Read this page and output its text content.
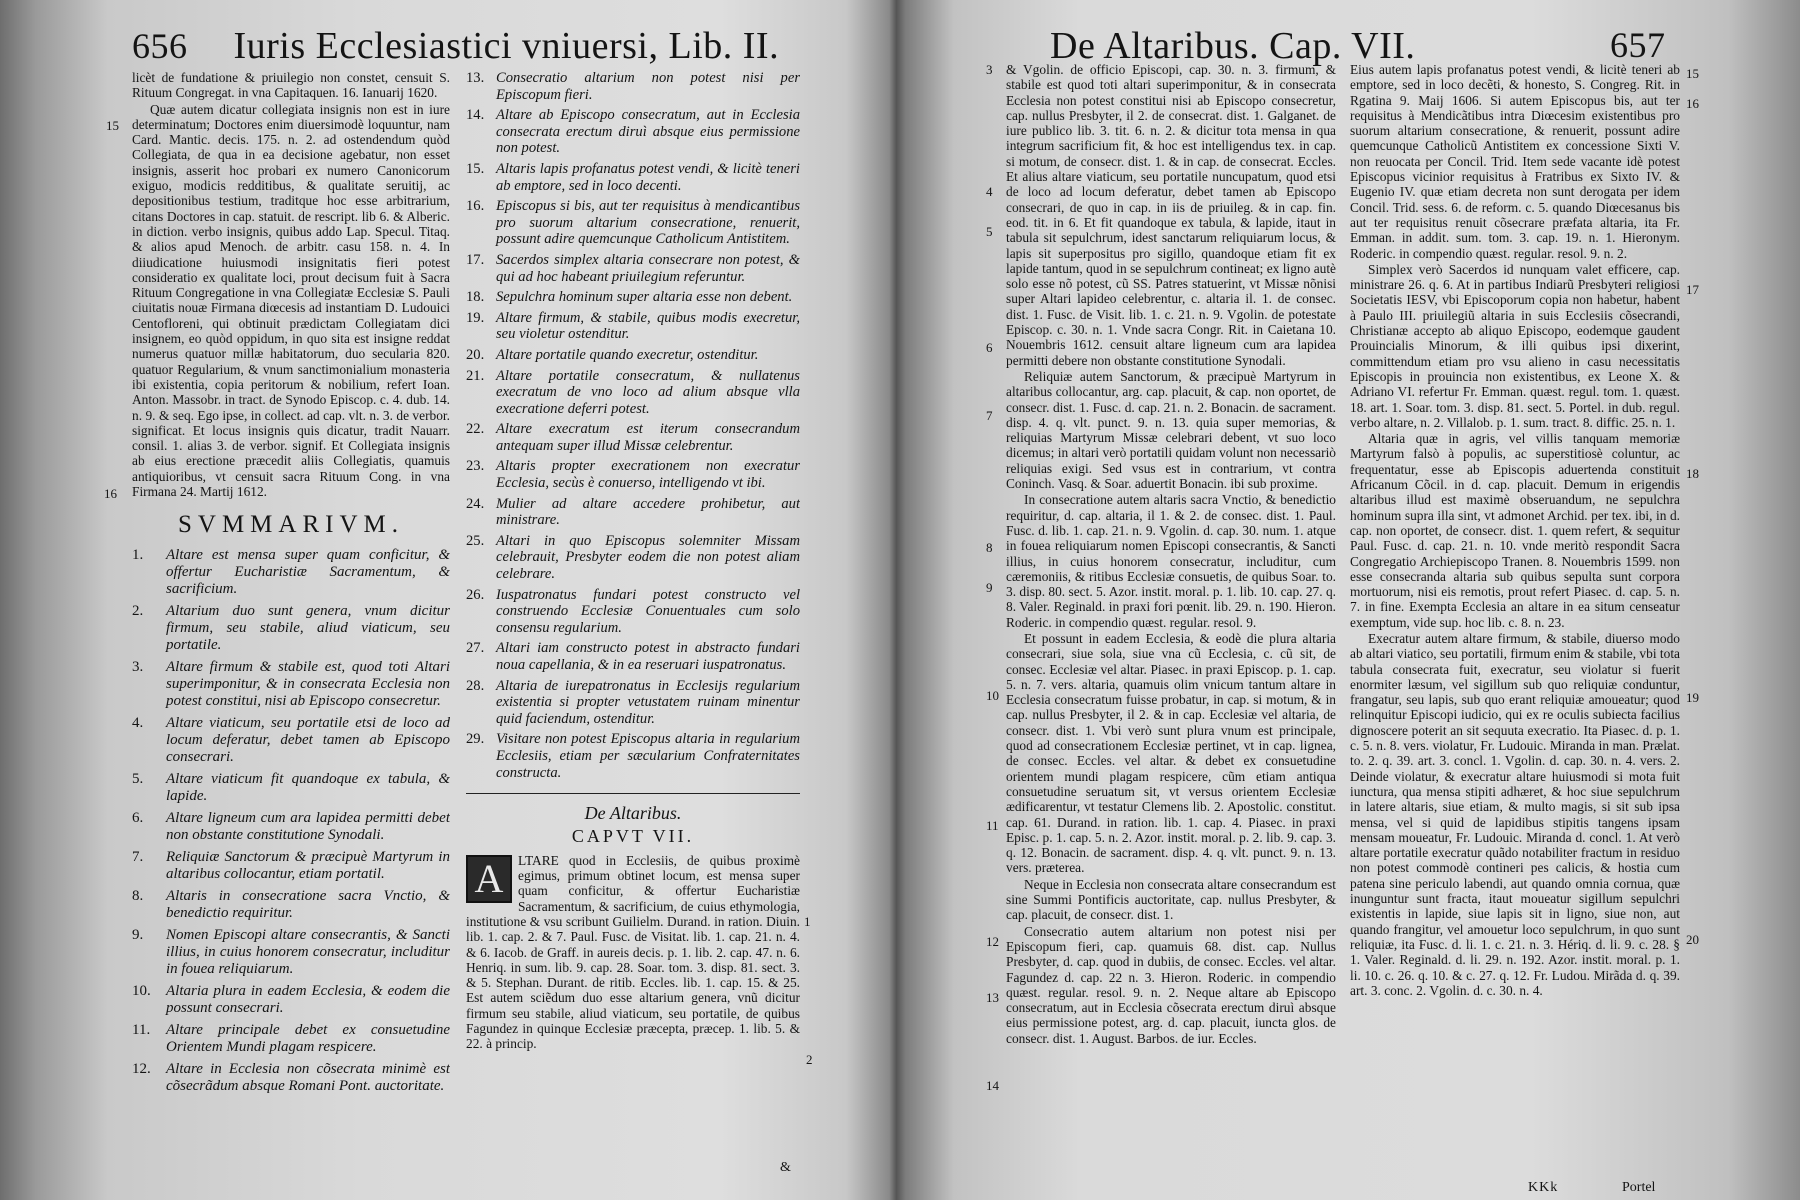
656 Iuris Ecclesiastici vniuersi, Lib. II.

licèt de fundatione & priuilegio non constet, censuit S. Rituum Congregat. in vna Capitaquen. 16. Ianuarij 1620.

Quæ autem dicatur collegiata insignis non est in iure determinatum; Doctores enim diuersimodè loquuntur, nam Card. Mantic. decis. 175. n. 2. ad ostendendum quòd Collegiata, de qua in ea decisione agebatur, non esset insignis, asserit hoc probari ex numero Canonicorum exiguo, modicis redditibus, & qualitate seruitij, ac depositionibus testium, traditque hoc esse arbitrarium, citans Doctores in cap. statuit. de rescript. lib 6. & Alberic. in diction. verbo insignis, quibus addo Lap. Specul. Titaq. & alios apud Menoch. de arbitr. casu 158. n. 4. In diiudicatione huiusmodi insignitatis fieri potest consideratio ex qualitate loci, prout decisum fuit à Sacra Rituum Congregatione in vna Collegiatæ Ecclesiæ S. Pauli ciuitatis nouæ Firmana diœcesis ad instantiam D. Ludouici Centofloreni, qui obtinuit prædictam Collegiatam dici insignem, eo quòd oppidum, in quo sita est insigne reddat numerus quatuor millæ habitatorum, duo secularia 820. quatuor Regularium, & vnum sanctimonialium monasteria ibi existentia, copia peritorum & nobilium, refert Ioan. Anton. Massobr. in tract. de Synodo Episcop. c. 4. dub. 14. n. 9. & seq. Ego ipse, in collect. ad cap. vlt. n. 3. de verbor. significat. Et locus insignis quis dicatur, tradit Nauarr. consil. 1. alias 3. de verbor. signif. Et Collegiata insignis ab eius erectione præcedit aliis Collegiatis, quamuis antiquioribus, vt censuit sacra Rituum Cong. in vna Firmana 24. Martij 1612.

SVMMARIVM.
1. Altare est mensa super quam conficitur, & offertur Eucharistiæ Sacramentum, & sacrificium.
2. Altarium duo sunt genera, vnum dicitur firmum, seu stabile, aliud viaticum, seu portatile.
3. Altare firmum & stabile est, quod toti Altari superimponitur, & in consecrata Ecclesia non potest constitui, nisi ab Episcopo consecretur.
4. Altare viaticum, seu portatile etsi de loco ad locum deferatur, debet tamen ab Episcopo consecrari.
5. Altare viaticum fit quandoque ex tabula, & lapide.
6. Altare ligneum cum ara lapidea permitti debet non obstante constitutione Synodali.
7. Reliquiæ Sanctorum & præcipuè Martyrum in altaribus collocantur, etiam portatil.
8. Altaris in consecratione sacra Vnctio, & benedictio requiritur.
9. Nomen Episcopi altare consecrantis, & Sancti illius, in cuius honorem consecratur, includitur in fouea reliquiarum.
10. Altaria plura in eadem Ecclesia, & eodem die possunt consecrari.
11. Altare principale debet ex consuetudine Orientem Mundi plagam respicere.
12. Altare in Ecclesia non cõsecrata minimè est cõsecrãdum absque Romani Pont. auctoritate.
15
16
13. Consecratio altarium non potest nisi per Episcopum fieri.
14. Altare ab Episcopo consecratum, aut in Ecclesia consecrata erectum diruì absque eius permissione non potest.
15. Altaris lapis profanatus potest vendi, & licitè teneri ab emptore, sed in loco decenti.
16. Episcopus si bis, aut ter requisitus à mendicantibus pro suorum altarium consecratione, renuerit, possunt adire quemcunque Catholicum Antistitem.
17. Sacerdos simplex altaria consecrare non potest, & qui ad hoc habeant priuilegium referuntur.
18. Sepulchra hominum super altaria esse non debent.
19. Altare firmum, & stabile, quibus modis execretur, seu violetur ostenditur.
20. Altare portatile quando execretur, ostenditur.
21. Altare portatile consecratum, & nullatenus execratum de vno loco ad alium absque vlla execratione deferri potest.
22. Altare execratum est iterum consecrandum antequam super illud Missæ celebrentur.
23. Altaris propter execrationem non execratur Ecclesia, secùs è conuerso, intelligendo vt ibi.
24. Mulier ad altare accedere prohibetur, aut ministrare.
25. Altari in quo Episcopus solemniter Missam celebrauit, Presbyter eodem die non potest aliam celebrare.
26. Iuspatronatus fundari potest constructo vel construendo Ecclesiæ Conuentuales cum solo consensu regularium.
27. Altari iam constructo potest in abstracto fundari noua capellania, & in ea reseruari iuspatronatus.
28. Altaria de iurepatronatus in Ecclesijs regularium existentia si propter vetustatem ruinam minentur quid faciendum, ostenditur.
29. Visitare non potest Episcopus altaria in regularium Ecclesiis, etiam per sæcularium Confraternitates constructa.
De Altaribus.
CAPVT VII.
A	LTARE quod in Ecclesiis, de quibus proximè egimus, primum obtinet locum, est mensa super quam conficitur, & offertur Eucharistiæ Sacramentum, & sacrificium, de cuius ethymologia, institutione & vsu scribunt Guilielm. Durand. in ration. Diuin. lib. 1. cap. 2. & 7. Paul. Fusc. de Visitat. lib. 1. cap. 21. n. 4. & 6. Iacob. de Graff. in aureis decis. p. 1. lib. 2. cap. 47. n. 6. Henriq. in sum. lib. 9. cap. 28. Soar. tom. 3. disp. 81. sect. 3. & 5. Stephan. Durant. de ritib. Eccles. lib. 1. cap. 15. & 25. Est autem sciẽdum duo esse altarium genera, vnũ dicitur firmum seu stabile, aliud viaticum, seu portatile, de quibus Fagundez in quinque Ecclesiæ præcepta, præcep. 1. lib. 5. & 22. à princip.
1
2
&
De Altaribus. Cap. VII.	657

& Vgolin. de officio Episcopi, cap. 30. n. 3. firmum, & stabile est quod toti altari superimponitur, & in consecrata Ecclesia non potest constitui nisi ab Episcopo consecretur, cap. nullus Presbyter, il 2. de consecrat. dist. 1. Galganet. de iure publico lib. 3. tit. 6. n. 2. & dicitur tota mensa in qua integrum sacrificium fit, & hoc est intelligendus tex. in cap. si motum, de consecr. dist. 1. & in cap. de consecrat. Eccles. Et alius altare viaticum, seu portatile nuncupatum, quod etsi de loco ad locum deferatur, debet tamen ab Episcopo consecrari, de quo in cap. in iis de priuileg. & in cap. fin. eod. tit. in 6. Et fit quandoque ex tabula, & lapide, itaut in tabula sit sepulchrum, idest sanctarum reliquiarum locus, & lapis sit superpositus pro sigillo, quandoque etiam fit ex lapide tantum, quod in se sepulchrum contineat; ex ligno autè solo esse nõ potest, cũ SS. Patres statuerint, vt Missæ nõnisi super Altari lapideo celebrentur, c. altaria il. 1. de consec. dist. 1. Fusc. de Visit. lib. 1. c. 21. n. 9. Vgolin. de potestate Episcop. c. 30. n. 1. Vnde sacra Congr. Rit. in Caietana 10. Nouembris 1612. censuit altare ligneum cum ara lapidea permitti debere non obstante constitutione Synodali.

Reliquiæ autem Sanctorum, & præcipuè Martyrum in altaribus collocantur, arg. cap. placuit, & cap. non oportet, de consecr. dist. 1. Fusc. d. cap. 21. n. 2. Bonacin. de sacrament. disp. 4. q. vlt. punct. 9. n. 13. quia super memorias, & reliquias Martyrum Missæ celebrari debent, vt suo loco dicemus; in altari verò portatili quidam volunt non necessariò reliquias exigi. Sed vsus est in contrarium, vt contra Coninch. Vasq. & Soar. aduertit Bonacin. ibi sub proxime.

In consecratione autem altaris sacra Vnctio, & benedictio requiritur, d. cap. altaria, il 1. & 2. de consec. dist. 1. Paul. Fusc. d. lib. 1. cap. 21. n. 9. Vgolin. d. cap. 30. num. 1. atque in fouea reliquiarum nomen Episcopi consecrantis, & Sancti illius, in cuius honorem consecratur, includitur, cum cæremoniis, & ritibus Ecclesiæ consuetis, de quibus Soar. to. 3. disp. 80. sect. 5. Azor. instit. moral. p. 1. lib. 10. cap. 27. q. 8. Valer. Reginald. in praxi fori pœnit. lib. 29. n. 190. Hieron. Roderic. in compendio quæst. regular. resol. 9.

Et possunt in eadem Ecclesia, & eodè die plura altaria consecrari, siue sola, siue vna cũ Ecclesia, c. cũ sit, de consec. Ecclesiæ vel altar. Piasec. in praxi Episcop. p. 1. cap. 5. n. 7. vers. altaria, quamuis olim vnicum tantum altare in Ecclesia consecratum fuisse probatur, in cap. si motum, & in cap. nullus Presbyter, il 2. & in cap. Ecclesiæ vel altaria, de consecr. dist. 1. Vbi verò sunt plura vnum est principale, quod ad consecrationem Ecclesiæ pertinet, vt in cap. lignea, de consec. Eccles. vel altar. & debet ex consuetudine orientem mundi plagam respicere, cũm etiam antiqua consuetudine seruatum sit, vt versus orientem Ecclesiæ ædificarentur, vt testatur Clemens lib. 2. Apostolic. constitut. cap. 61. Durand. in ration. lib. 1. cap. 4. Piasec. in praxi Episc. p. 1. cap. 5. n. 2. Azor. instit. moral. p. 2. lib. 9. cap. 3. q. 12. Bonacin. de sacrament. disp. 4. q. vlt. punct. 9. n. 13. vers. præterea.

Neque in Ecclesia non consecrata altare consecrandum est sine Summi Pontificis auctoritate, cap. nullus Presbyter, & cap. placuit, de consecr. dist. 1.

Consecratio autem altarium non potest nisi per Episcopum fieri, cap. quamuis 68. dist. cap. Nullus Presbyter, d. cap. quod in dubiis, de consec. Eccles. vel altar. Fagundez d. cap. 22 n. 3. Hieron. Roderic. in compendio quæst. regular. resol. 9. n. 2. Neque altare ab Episcopo consecratum, aut in Ecclesia cõsecrata erectum diruì absque eius permissione potest, arg. d. cap. placuit, iuncta glos. de consecr. dist. 1. August. Barbos. de iur. Eccles.

3
4
5
6
7
8
9
10
11
12
13
14

Eius autem lapis profanatus potest vendi, & licitè teneri ab emptore, sed in loco decẽti, & honesto, S. Congreg. Rit. in Rgatina 9. Maij 1606. Si autem Episcopus bis, aut ter requisitus à Mendicãtibus intra Diœcesim existentibus pro suorum altarium consecratione, & renuerit, possunt adire quemcunque Catholicũ Antistitem ex concessione Sixti V. non reuocata per Concil. Trid. Item sede vacante idè potest Episcopus vicinior requisitus à Fratribus ex Sixto IV. & Eugenio IV. quæ etiam decreta non sunt derogata per idem Concil. Trid. sess. 6. de reform. c. 5. quando Diœcesanus bis aut ter requisitus renuit cõsecrare præfata altaria, ita Fr. Emman. in addit. sum. tom. 3. cap. 19. n. 1. Hieronym. Roderic. in compendio quæst. regular. resol. 9. n. 2.

Simplex verò Sacerdos id nunquam valet efficere, cap. ministrare 26. q. 6. At in partibus Indiarũ Presbyteri religiosi Societatis IESV, vbi Episcoporum copia non habetur, habent à Paulo III. priuilegiũ altaria in suis Ecclesiis cõsecrandi, Christianæ accepto ab aliquo Episcopo, eodemque gaudent Prouincialis Minorum, & illi quibus ipsi dixerint, committendum etiam pro vsu alieno in casu necessitatis Episcopis in prouincia non existentibus, ex Leone X. & Adriano VI. refertur Fr. Emman. quæst. regul. tom. 1. quæst. 18. art. 1. Soar. tom. 3. disp. 81. sect. 5. Portel. in dub. regul. verbo altare, n. 2. Villalob. p. 1. sum. tract. 8. diffic. 25. n. 1.

Altaria quæ in agris, vel villis tanquam memoriæ Martyrum falsò à populis, ac superstitiosè coluntur, ac frequentatur, esse ab Episcopis aduertenda constituit Africanum Cõcil. in d. cap. placuit. Demum in erigendis altaribus illud est maximè obseruandum, ne sepulchra hominum supra illa sint, vt admonet Archid. per tex. ibi, in d. cap. non oportet, de consecr. dist. 1. quem refert, & sequitur Paul. Fusc. d. cap. 21. n. 10. vnde meritò respondit Sacra Congregatio Archiepiscopo Tranen. 8. Nouembris 1599. non esse consecranda altaria sub quibus sepulta sunt corpora mortuorum, nisi eis remotis, prout refert Piasec. d. cap. 5. n. 7. in fine. Exempta Ecclesia an altare in ea situm censeatur exemptum, vide sup. hoc lib. c. 8. n. 23.

Execratur autem altare firmum, & stabile, diuerso modo ab altari viatico, seu portatili, firmum enim & stabile, vbi tota tabula consecrata fuit, execratur, seu violatur si fuerit enormiter læsum, vel sigillum sub quo reliquiæ conduntur, frangatur, seu lapis, sub quo erant reliquiæ amoueatur; quod relinquitur Episcopi iudicio, qui ex re oculis subiecta facilius dignoscere poterit an sit sequuta execratio. Ita Piasec. d. p. 1. c. 5. n. 8. vers. violatur, Fr. Ludouic. Miranda in man. Prælat. to. 2. q. 39. art. 3. concl. 1. Vgolin. d. cap. 30. n. 4. vers. 2. Deinde violatur, & execratur altare huiusmodi si mota fuit iunctura, qua mensa stipiti adhæret, & hoc siue sepulchrum in latere altaris, siue etiam, & multo magis, si sit sub ipsa mensa, vel si quid de lapidibus stipitis tangens ipsam mensam moueatur, Fr. Ludouic. Miranda d. concl. 1. At verò altare portatile execratur quãdo notabiliter fractum in residuo non potest commodè contineri pes calicis, & hostia cum patena sine periculo labendi, aut quando omnia cornua, quæ inunguntur sunt fracta, itaut moueatur sigillum sepulchri existentis in lapide, siue lapis sit in ligno, siue non, aut quando frangitur, vel amouetur loco sepulchrum, in quo sunt reliquiæ, ita Fusc. d. li. 1. c. 21. n. 3. Hériq. d. li. 9. c. 28. § 1. Valer. Reginald. d. li. 29. n. 192. Azor. instit. moral. p. 1. li. 10. c. 26. q. 10. & c. 27. q. 12. Fr. Ludou. Mirãda d. q. 39. art. 3. conc. 2. Vgolin. d. c. 30. n. 4.

15
16
17
18
19
20
KKk	Portel
